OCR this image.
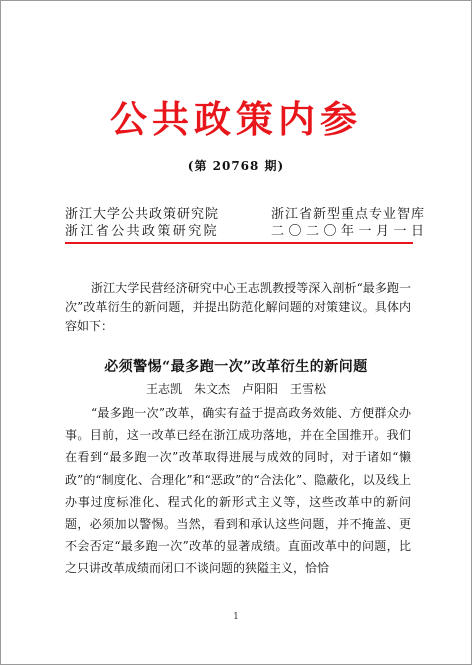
公共政策内参
(第 20768 期)
浙江大学公共政策研究院
浙江省公共政策研究院
浙江省新型重点专业智库
二〇二〇年一月一日
浙江大学民营经济研究中心王志凯教授等深入剖析“最多跑一次”改革衍生的新问题，并提出防范化解问题的对策建议。具体内容如下：
必须警惕“最多跑一次”改革衍生的新问题
王志凯　朱文杰　卢阳阳　王雪松
“最多跑一次”改革，确实有益于提高政务效能、方便群众办事。目前，这一改革已经在浙江成功落地，并在全国推开。我们在看到“最多跑一次”改革取得进展与成效的同时，对于诸如“懒政”的“制度化、合理化”和“恶政”的“合法化”、隐蔽化，以及线上办事过度标准化、程式化的新形式主义等，这些改革中的新问题，必须加以警惕。当然，看到和承认这些问题，并不掩盖、更不会否定“最多跑一次”改革的显著成绩。直面改革中的问题，比之只讲改革成绩而闭口不谈问题的狭隘主义，恰恰
1
